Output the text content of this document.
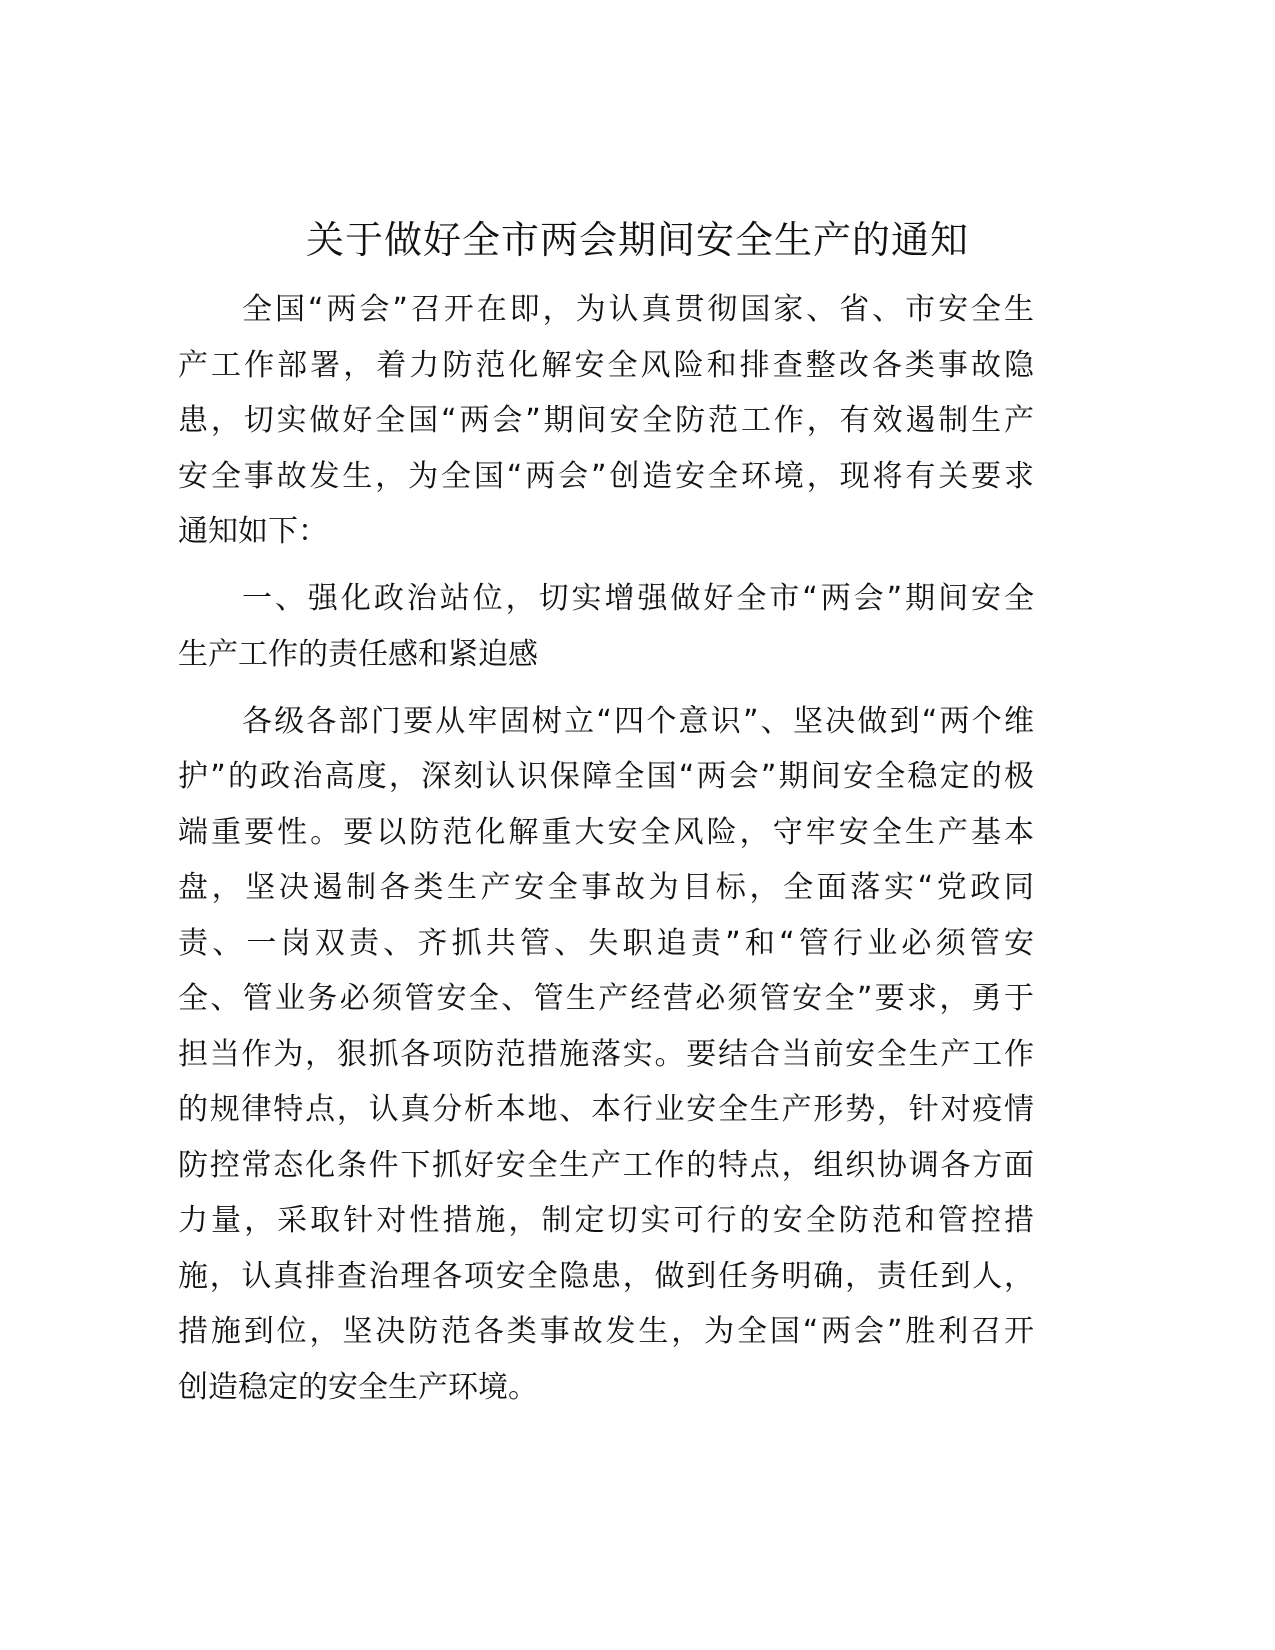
关于做好全市两会期间安全生产的通知
全国“两会”召开在即，为认真贯彻国家、省、市安全生
产工作部署，着力防范化解安全风险和排查整改各类事故隐
患，切实做好全国“两会”期间安全防范工作，有效遏制生产
安全事故发生，为全国“两会”创造安全环境，现将有关要求
通知如下：
一、强化政治站位，切实增强做好全市“两会”期间安全
生产工作的责任感和紧迫感
各级各部门要从牢固树立“四个意识”、坚决做到“两个维
护”的政治高度，深刻认识保障全国“两会”期间安全稳定的极
端重要性。要以防范化解重大安全风险，守牢安全生产基本
盘，坚决遏制各类生产安全事故为目标，全面落实“党政同
责、一岗双责、齐抓共管、失职追责”和“管行业必须管安
全、管业务必须管安全、管生产经营必须管安全”要求，勇于
担当作为，狠抓各项防范措施落实。要结合当前安全生产工作
的规律特点，认真分析本地、本行业安全生产形势，针对疫情
防控常态化条件下抓好安全生产工作的特点，组织协调各方面
力量，采取针对性措施，制定切实可行的安全防范和管控措
施，认真排查治理各项安全隐患，做到任务明确，责任到人，
措施到位，坚决防范各类事故发生，为全国“两会”胜利召开
创造稳定的安全生产环境。
